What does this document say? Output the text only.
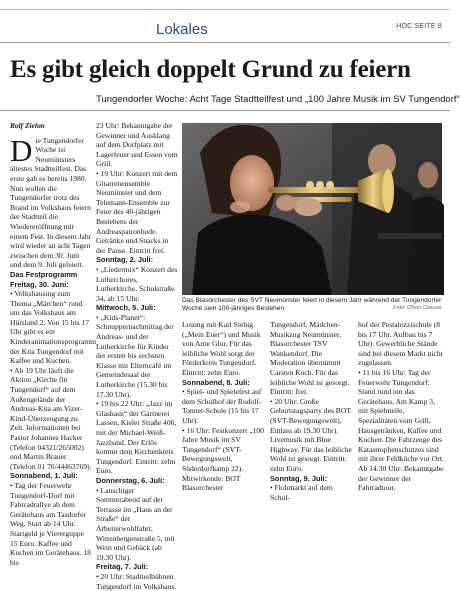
Lokales	HOC SEITE 8
Es gibt gleich doppelt Grund zu feiern
Tungendorfer Woche: Acht Tage Stadtteilfest und „100 Jahre Musik im SV Tungendorf“
Rolf Ziehm
D ie Tungendorfer Woche ist Neumünsters ältestes Stadtteilfest. Das erste gab es bereits 1980. Nun wollen die Tungendorfer trotz des Brand im Volkshaus feiern der Stadtteil die Wiedereröffnung mit einem Fest. In diesem Jahr wird wieder an acht Tagen zwischen dem 30. Juni und dem 9. Juli gefeiert.

Das Festprogramm

Freitag, 30. Juni:

• Volkshausing zum Thema „Märchen“ rund um das Volkshaus am Hürsland 2. Von 15 bis 17 Uhr gibt es ein Kinderanimationsprogramm der Kita Tungendorf mit Kaffee und Kuchen.

• Ab 19 Uhr läuft die Aktion „Kirche für Tungendorf“ auf dem Außengelände der Andreas-Kita am Vizer-Kind-Überzeugung zu Zelt. Informationen bei Pastor Johannes Hacker (Telefon 04321/265002) und Martin Brauer (Telefon 01 76/44463769).

Sonnabend, 1. Juli:

• Tag der Feuerwehr Tungendorf-Dorf mit Fahrradrallye ab dem Gerätehaus am Tasdorfer Weg. Start ab 14 Uhr. Startgeld je Viererguppe 15 Euro. Kaffee und Kuchen im Gerätehaus. 18 bis

23 Uhr: Bekanntgabe der Gewinner und Ausklang auf dem Dorfplatz mit Lagerfeuer und Essen vom Grill.

• 19 Uhr: Konzert mit dem Gitarrenensemble Neumünster und dem Telemann-Ensemble zur Feier des 40-jährigen Bestehens der Andreaspatronbude. Getränke und Snacks in der Pause. Eintritt frei.

Sonntag, 2. Juli:

• „Liedermix“ Konzert des Lutherchores, Lutherkirche, Schulstraße 34, ab 15 Uhr.

Mittwoch, 5. Juli:

• „Kids-Planet“: Schnuppernachmittag der Andreas- und der Lutherkirche für Kinder der ersten bis sechsten Klasse mit Elterncafé im Gemeindesaal der Lutherkirche (15.30 bis 17.30 Uhr).

• 19 bis 22 Uhr: „Jazz im Glashaus“ der Gärtnerei Lassen, Kieler Straße 406, mit der Michael-Weiß-Jazzband. Der Erlös kommt dem Kirchenkreis Tungendorf. Eintritt: zehn Euro.

Donnerstag, 6. Juli:

• Lauschiger Sommerabend auf der Terrasse im „Haus an der Straße“ der Arbeiterwohlfahrt, Wittenbergenstraße 5, mit Wein und Gebäck (ab 19.30 Uhr).

Freitag, 7. Juli:

• 20 Uhr: Stadtteilbühnen Tungendorf im Volkshaus.

Das Blasorchester des SVT Neumünster feiert in diesem Jahr während der Tungendorfer Woche sein 100-jähriges Bestehen.	Foto: Oliver Clauser

Lesung mit Karl Siebig („Mein Euer“) und Musik von Arne Glor. Für das leibliche Wohl sorgt der Förderkreis Tungendorf. Eintritt: zehn Euro.

Sonnabend, 8. Juli:

• Spiel- und Spielefest auf dem Schulhof der Rudolf-Tonner-Schule (15 bis 17 Uhr).

• 16 Uhr: Festkonzert „100 Jahre Musik im SV Tungendorf“ (SVT-Bewegungswelt, Süderdorfkamp 22). Mitwirkende: BOT Blasorchester

Tungendorf, Mädchen-Musikzug Neumünster, Blasorchester TSV Wankendorf. Die Moderation übernimmt Carsten Koch. Für das leibliche Wohl ist gesorgt. Eintritt: frei.

• 20 Uhr: Große Geburtstagsparty des BOT (SVT-Bewegungswelt). Einlass ab 19.30 Uhr). Livemusik mit Blue Highway. Für das leibliche Wohl ist gesorgt. Eintritt: zehn Euro.

Sonntag, 9. Juli:

• Flohmarkt auf dem Schul-

hof der Pestalozzischule (8 bis 17 Uhr. Aufbau bis 7 Uhr). Gewerbliche Stände sind bei diesem Markt nicht zugelassen.

• 11 bis 16 Uhr: Tag der Feuerwehr Tungendorf: Stand rund um das Gerätehaus, Am Kamp 3, mit Spielmeile, Spezialitäten vom Grill, Hausgetränken, Kaffee und Kuchen. Die Fahrzeuge des Katastrophenschutzes sind mit ihrer Feldküche vor Ort. Ab 14.30 Uhr: Bekanntgabe der Gewinner der Fahrradtour.
